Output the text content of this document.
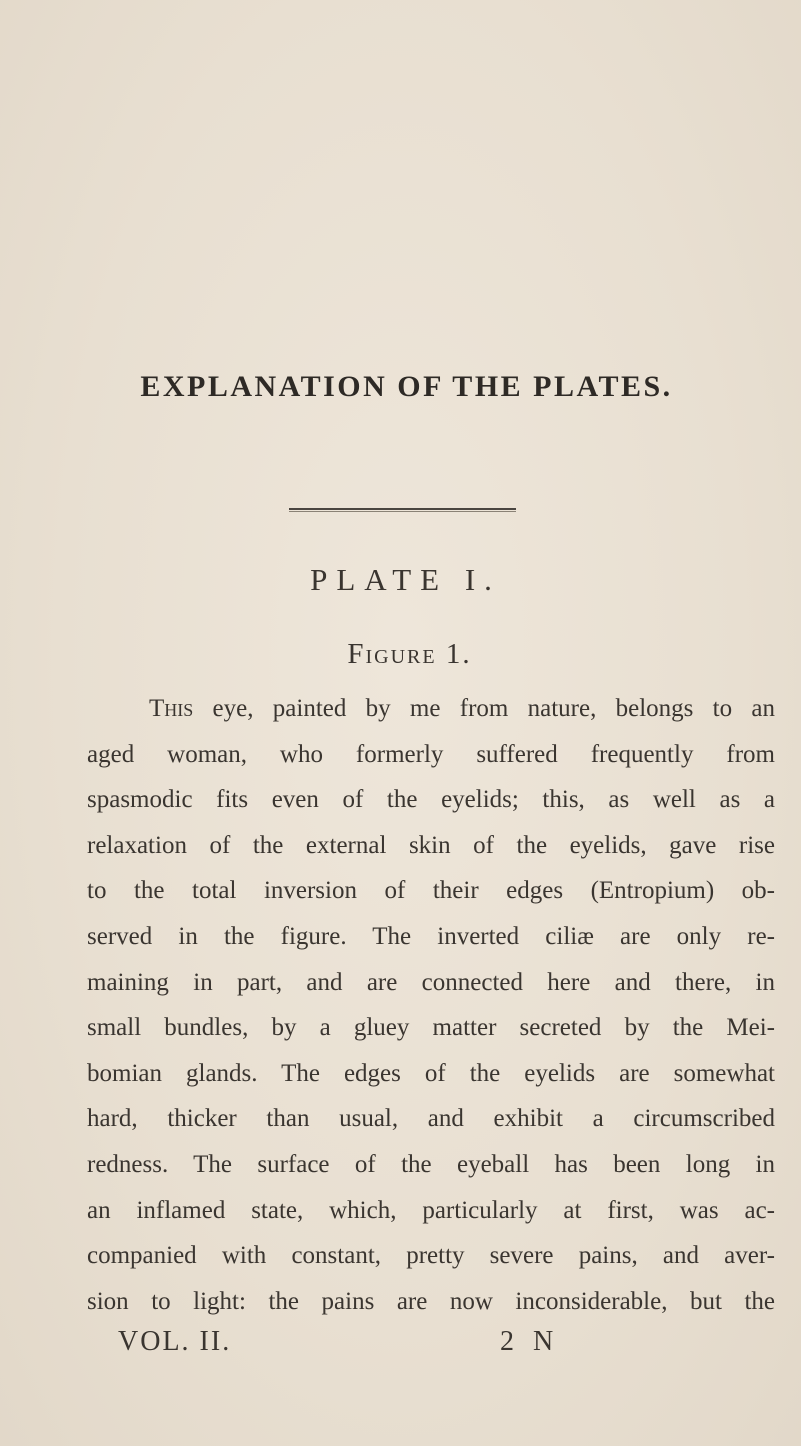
EXPLANATION OF THE PLATES.
PLATE I.
Figure 1.
This eye, painted by me from nature, belongs to an
aged woman, who formerly suffered frequently from
spasmodic fits even of the eyelids; this, as well as a
relaxation of the external skin of the eyelids, gave rise
to the total inversion of their edges (Entropium) ob-
served in the figure. The inverted ciliæ are only re-
maining in part, and are connected here and there, in
small bundles, by a gluey matter secreted by the Mei-
bomian glands. The edges of the eyelids are somewhat
hard, thicker than usual, and exhibit a circumscribed
redness. The surface of the eyeball has been long in
an inflamed state, which, particularly at first, was ac-
companied with constant, pretty severe pains, and aver-
sion to light: the pains are now inconsiderable, but the
VOL. II.	2 N
